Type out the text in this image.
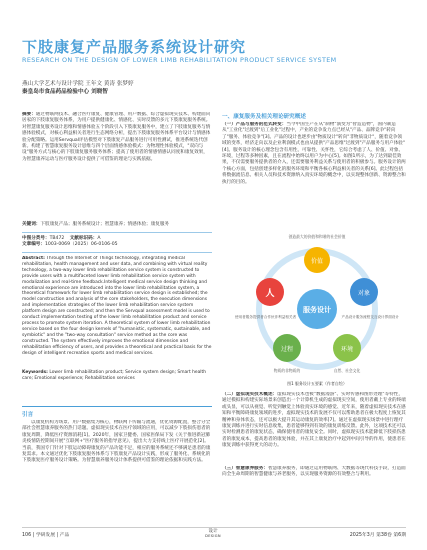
下肢康复产品服务系统设计研究
RESEARCH ON THE DESIGN OF LOWER LIMB REHABILITATION PRODUCT SERVICE SYSTEM
燕山大学艺术与设计学院 王年文 黄涛 张梦婷
秦皇岛市食品药品检验中心 刘晓智
摘要：通过物联网技术、融合医疗康复、健康管理、用户数据、综合虚拟现实技术、构建面向居家的下肢康复服务体系，为用户提供健康化、情感化、实时反馈的多元下肢康复服务系统。对智慧康复服务设计思维和情感体验五个阶段引入下肢康复服务中，建立了下肢康复服务与情感体验模式，对核心利益相关者进行生态网络分析，提出下肢康复服务体系平台设计与情感体验分配策略。运用Servqual评估模型对下肢康复产品服务进行可用性测试，推进系统迭代创新。构建了智慧康复服务设计思维与四个层面情感体验模式：为物理性体验模式，"双向与设"服务方式与核心的下肢康复服务服务体系；提高了使用者的情感情感认同度和康复效果，为智慧康养运动与医疗服务设计提供了可借鉴的理论与实践依据。
关键词：下肢康复产品；服务系统设计；智慧康养；情感体验；康复服务
中图分类号：TB472 文献标识码：A
文章编号：1003-0069（2025）06-0106-05
Abstract: Through the Internet of Things technology, integrating medical rehabilitation, health management and user data, and combining with virtual reality technology, a two-way lower limb rehabilitation service system is constructed to provide users with a multifaceted lower limb rehabilitation service system with modalization and real-time feedback.Intelligent medical service design thinking and emotional experience are introduced into the lower limb rehabilitation system, a theoretical framework for lower limb rehabilitation service design is established; the model construction and analysis of the core stakeholders, the execution dimensions and implementation strategies of the lower limb rehabilitation service system platform design are constructed; and then the Servqual assessment model is used to conduct implementation testing of the lower limb rehabilitation product and service process to promote system iteration. A theoretical system of lower limb rehabilitation service based on the four design kernels of "humanistic, systematic, sustainable, and symbiotic" and the "two-way consultation" service method as the core was constructed. The system effectively improves the emotional dimension and rehabilitation efficiency of users, and provides a theoretical and practical basis for the design of intelligent recreation sports and medical services.
Keywords: Lower limb rehabilitation product; Service system design; Smart health care; Emotional experience; Rehabilitation services
引言
以康复机构为场景、用户数据集为核心，物联网下传输与流通，优化资源配置，整合分全部社会智慧康养服务的热门话题。虚拟现实技术在医疗领域的应用，可以减少下肢损伤患者的康复周期，降低医疗资源消耗[1]。2020年，国家卫健委、国家医保局下发《关于推进新冠肺炎疫情防控期间开展"互联网+"医疗服务的指导意见》，提出大力支持线上医疗开展范化[2]。当前，我国专门针对下肢运动障碍康复的产品功能不足，相应的服务系统还不够满足患者的康复需求。本文通过优化下肢康复服务体系与下肢康复产品设计实践，形成了服务化、系统化的下肢康复医疗服务设计策略。为智慧康养服务设计体系提供可借鉴的理论依据和实践方法。
一、康复服务及相关理论研究概述
（一）产品与服务的范式转变：当今中国生产在从"制物"演变为"智造造物"，国内制造从"工业化"过渡到"后工业化"过程中，产业的竞争发力点已经从"产品、品牌竞争"转向了"服务、体验竞争"[3]。产品的设计也逐步由"物质设计"转向"非物质设计"，随着竞争领域的变革，经济走向以及企业利润模式也由从提供"产品思维"过渡到"产品服务与用户体验"[4]。服务设计的核心理念包含有用性、可靠性、关怀性，它综合考虑了人、价值、对象、环境，过程等多种因素，且在流程中始终以用户为中心[5]。如图1所示，为了达到最佳效果，不仅需要服务提供者的介入，还需要服务利益关系与使用者的积极参与。服务设计的两个核心方面，包括创建多样化的服务环境和平衡各核心利益相关者的关系[6]。此过程包括将数据流信息、相关人员和技术资源纳入真实环境的概念中，以实现整体创新、资源整合和执行的目的。
服务设计
价值
人	对象
过程	环境
创造最大的价值和和谐的社会价值
使用者服务提供者合作伙伴利益相关者	产品设计服务流程交互设计界面设计
物质的非物质的	自然、社会文化
图1 服务设计五要素（作者自绘）
（二）虚拟现实技术概述：虚拟现实技术也被"数据漫游"、实时传感和图形处理"等特性，通过模拟和构建实际场景来创造出一个计算机生成的虚拟现实空间，使用者戴上专业的终端或头显，可以从视觉、听觉到触觉上体验真实环境的感觉、近年来，随着虚拟现实技术在感知和平衡障碍康复领域的进步，虚拟现实技术的发展不仅可以帮助患者在极大程度上恢复其精神和身体状态，还可以极大提升其运动康复的效率[7]。通过在虚拟现实场景中进行理疗康复训练并进行实时信息收集，患者能够得到有效的康复训练反馈。此外，这项技术还可以实时检测患者的康复状态，确保使用者的康复安全。同时，虚拟现实技术能降低下肢损伤患者的康复成本，提高患者的康复体验，并在其上康复治疗中起到中间引导的作用，使患者在康复训练中获得更大的动力。
（三）智慧康养服务：智慧康养服务，即通过运用物联网、大数据等现代科技手段，打造面向全生命周期的智慧健康与养老服务，以实现服务资源的有效整合与利用。
106 | 学研发展 | 产品
设计
DESIGN	2025年3月 第38卷 第6期
